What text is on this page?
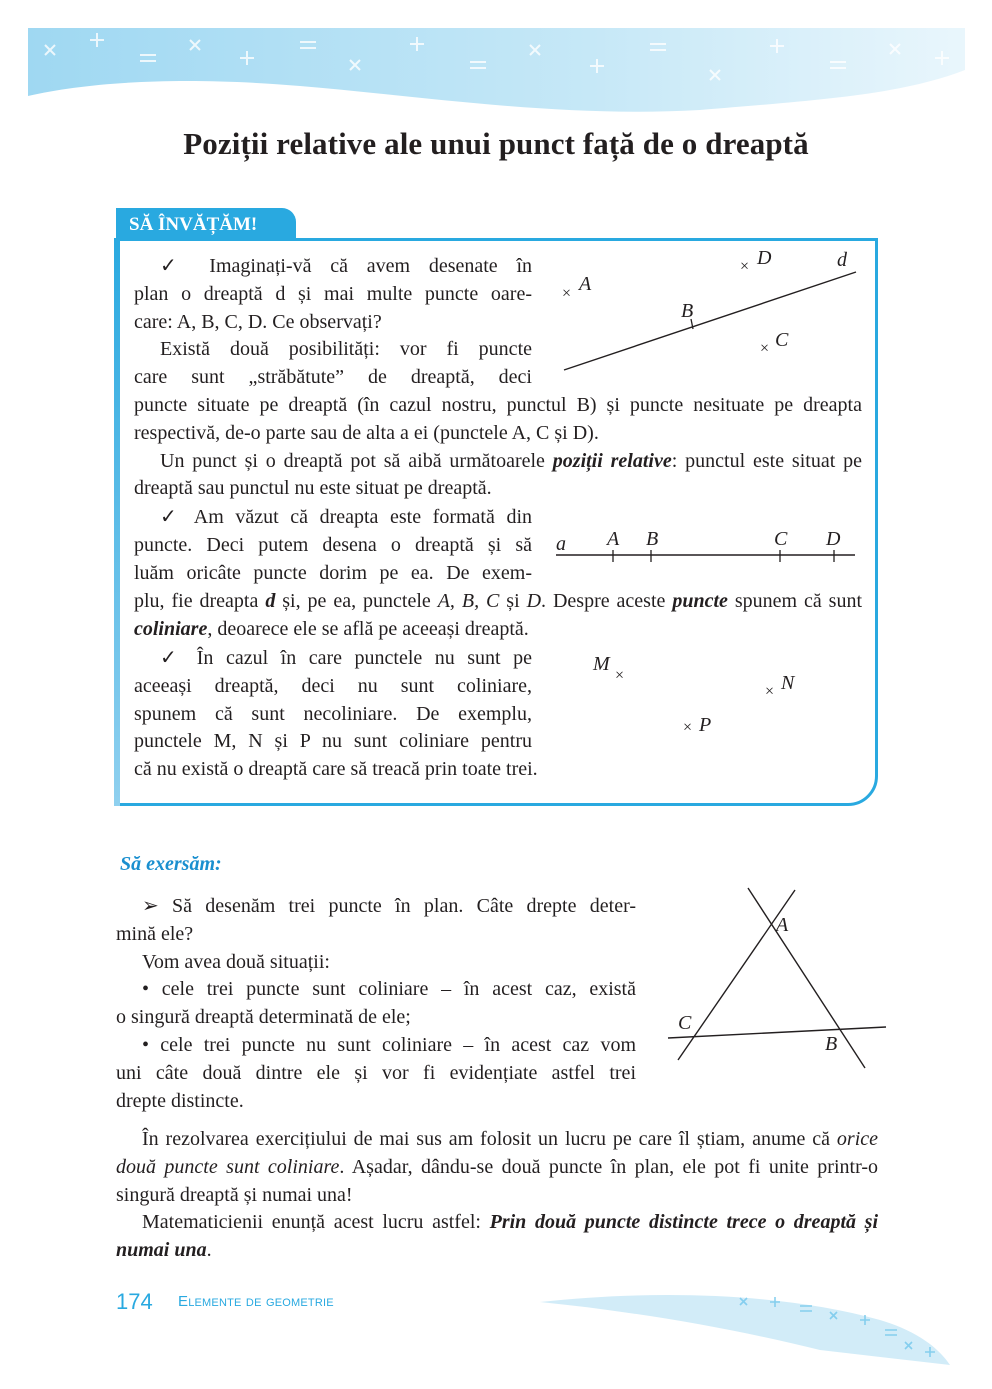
Poziții relative ale unui punct față de o dreaptă
SĂ ÎNVĂȚĂM!

✓ Imaginați-vă că avem desenate în

plan o dreaptă d și mai multe puncte oare-

care: A, B, C, D. Ce observați?

Există două posibilități: vor fi puncte

care sunt „străbătute” de dreaptă, deci

puncte situate pe dreaptă (în cazul nostru, punctul B) și puncte nesituate pe dreapta respectivă, de-o parte sau de alta a ei (punctele A, C și D).

Un punct și o dreaptă pot să aibă următoarele poziții relative: punctul este situat pe dreaptă sau punctul nu este situat pe dreaptă.

✓ Am văzut că dreapta este formată din

puncte. Deci putem desena o dreaptă și să

luăm oricâte puncte dorim pe ea. De exem-

plu, fie dreapta d și, pe ea, punctele A, B, C și D. Despre aceste puncte spunem că sunt coliniare, deoarece ele se află pe aceeași dreaptă.

✓ În cazul în care punctele nu sunt pe

aceeași dreaptă, deci nu sunt coliniare,

spunem că sunt necoliniare. De exemplu,

punctele M, N și P nu sunt coliniare pentru

că nu există o dreaptă care să treacă prin toate trei.

d
× A
B
× C
× D
a A B	C D
M
×
× N
× P
Să exersăm:

➢ Să desenăm trei puncte în plan. Câte drepte deter-

mină ele?

Vom avea două situații:

• cele trei puncte sunt coliniare – în acest caz, există

o singură dreaptă determinată de ele;

• cele trei puncte nu sunt coliniare – în acest caz vom

uni câte două dintre ele și vor fi evidențiate astfel trei

drepte distincte.

A
B
C

În rezolvarea exercițiului de mai sus am folosit un lucru pe care îl știam, anume că orice două puncte sunt coliniare. Așadar, dându-se două puncte în plan, ele pot fi unite printr-o singură dreaptă și numai una!

Matematicienii enunță acest lucru astfel: Prin două puncte distincte trece o dreaptă și numai una.

174 Elemente de geometrie
